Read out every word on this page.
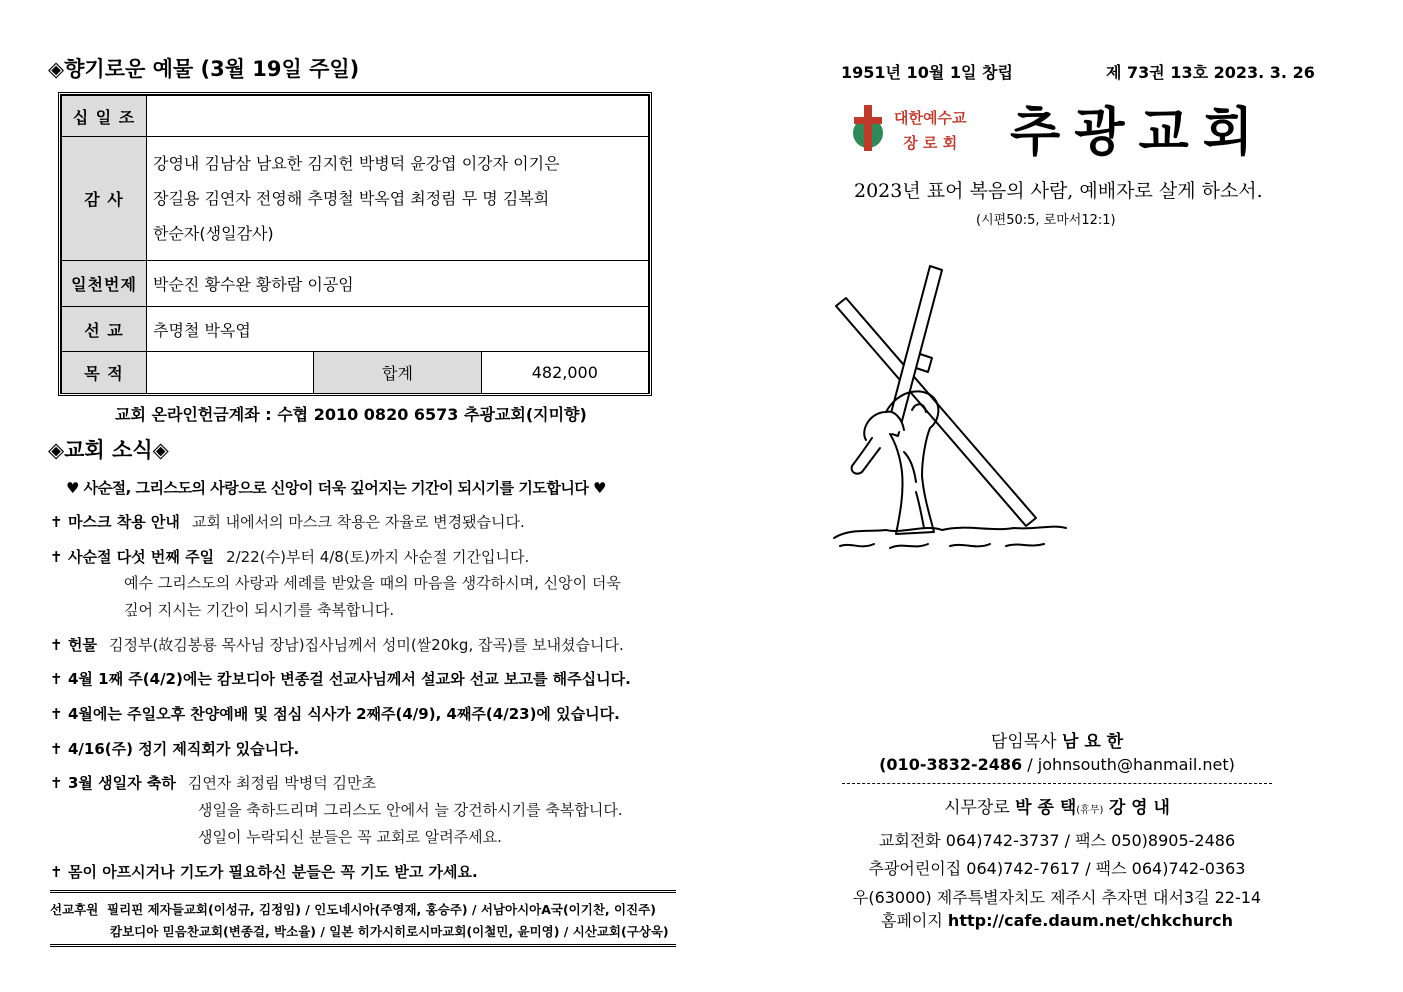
◈향기로운 예물 (3월 19일 주일)
십 일 조			
감 사	강영내 김남삼 남요한 김지헌 박병덕 윤강엽 이강자 이기은
장길용 김연자 전영해 추명철 박옥엽 최정림 무 명 김복희
한순자(생일감사)		

일천번제	박순진 황수완 황하람 이공임		
선 교	추명철 박옥엽		
목 적		합계	482,000
교회 온라인헌금계좌 : 수협 2010 0820 6573 추광교회(지미향)
◈교회 소식◈
♥ 사순절, 그리스도의 사랑으로 신앙이 더욱 깊어지는 기간이 되시기를 기도합니다 ♥
✝ 마스크 착용 안내 교회 내에서의 마스크 착용은 자율로 변경됐습니다.
✝ 사순절 다섯 번째 주일 2/22(수)부터 4/8(토)까지 사순절 기간입니다.
예수 그리스도의 사랑과 세례를 받았을 때의 마음을 생각하시며, 신앙이 더욱
깊어 지시는 기간이 되시기를 축복합니다.
✝ 헌물 김정부(故김봉룡 목사님 장남)집사님께서 성미(쌀20kg, 잡곡)를 보내셨습니다.
✝ 4월 1째 주(4/2)에는 캄보디아 변종걸 선교사님께서 설교와 선교 보고를 해주십니다.
✝ 4월에는 주일오후 찬양예배 및 점심 식사가 2째주(4/9), 4째주(4/23)에 있습니다.
✝ 4/16(주) 정기 제직회가 있습니다.
✝ 3월 생일자 축하 김연자 최정림 박병덕 김만초
생일을 축하드리며 그리스도 안에서 늘 강건하시기를 축복합니다.
생일이 누락되신 분들은 꼭 교회로 알려주세요.
✝ 몸이 아프시거나 기도가 필요하신 분들은 꼭 기도 받고 가세요.
선교후원 필리핀 제자들교회(이성규, 김정임) / 인도네시아(주영재, 홍승주) / 서남아시아A국(이기찬, 이진주)
캄보디아 믿음찬교회(변종걸, 박소율) / 일본 히가시히로시마교회(이철민, 윤미영) / 시산교회(구상욱)
1951년 10월 1일 창립	제 73권 13호 2023. 3. 26
대한예수교
장 로 회 추광교회
2023년 표어 복음의 사람, 예배자로 살게 하소서.
(시편50:5, 로마서12:1)
담임목사 남 요 한
(010-3832-2486 / johnsouth@hanmail.net)
시무장로 박 종 택(휴무) 강 영 내
교회전화 064)742-3737 / 팩스 050)8905-2486
추광어린이집 064)742-7617 / 팩스 064)742-0363
우(63000) 제주특별자치도 제주시 추자면 대서3길 22-14
홈페이지 http://cafe.daum.net/chkchurch
